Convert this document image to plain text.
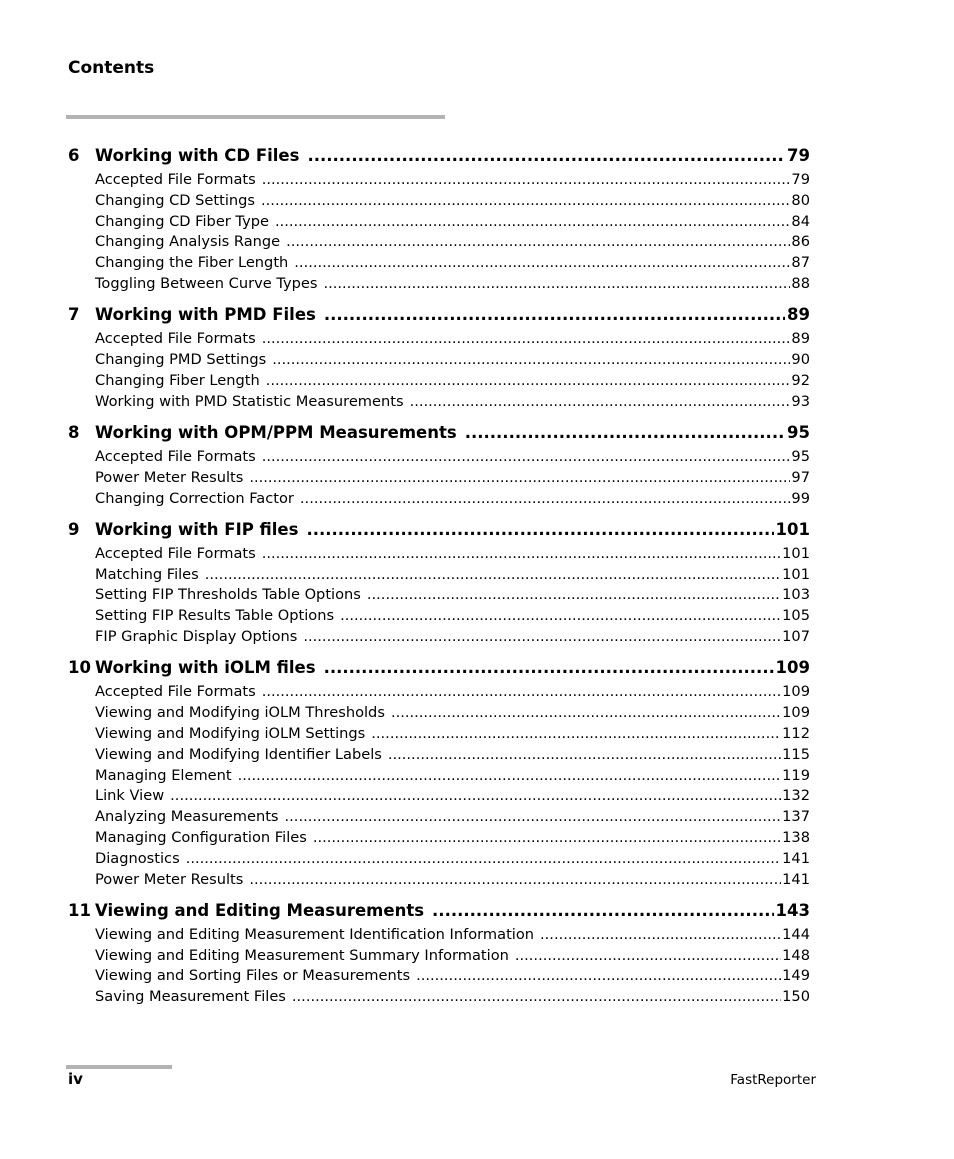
Contents
6 Working with CD Files .....	79
Accepted File Formats .....	79
Changing CD Settings .....	80
Changing CD Fiber Type .....	84
Changing Analysis Range .....	86
Changing the Fiber Length .....	87
Toggling Between Curve Types .....	88
7 Working with PMD Files .....	89
Accepted File Formats .....	89
Changing PMD Settings .....	90
Changing Fiber Length .....	92
Working with PMD Statistic Measurements .....	93
8 Working with OPM/PPM Measurements .....	95
Accepted File Formats .....	95
Power Meter Results .....	97
Changing Correction Factor .....	99
9 Working with FIP files .....	101
Accepted File Formats .....	101
Matching Files .....	101
Setting FIP Thresholds Table Options .....	103
Setting FIP Results Table Options .....	105
FIP Graphic Display Options .....	107
10 Working with iOLM files .....	109
Accepted File Formats .....	109
Viewing and Modifying iOLM Thresholds .....	109
Viewing and Modifying iOLM Settings .....	112
Viewing and Modifying Identifier Labels .....	115
Managing Element .....	119
Link View .....	132
Analyzing Measurements .....	137
Managing Configuration Files .....	138
Diagnostics .....	141
Power Meter Results .....	141
11 Viewing and Editing Measurements .....	143
Viewing and Editing Measurement Identification Information .....	144
Viewing and Editing Measurement Summary Information .....	148
Viewing and Sorting Files or Measurements .....	149
Saving Measurement Files .....	150
iv	FastReporter
